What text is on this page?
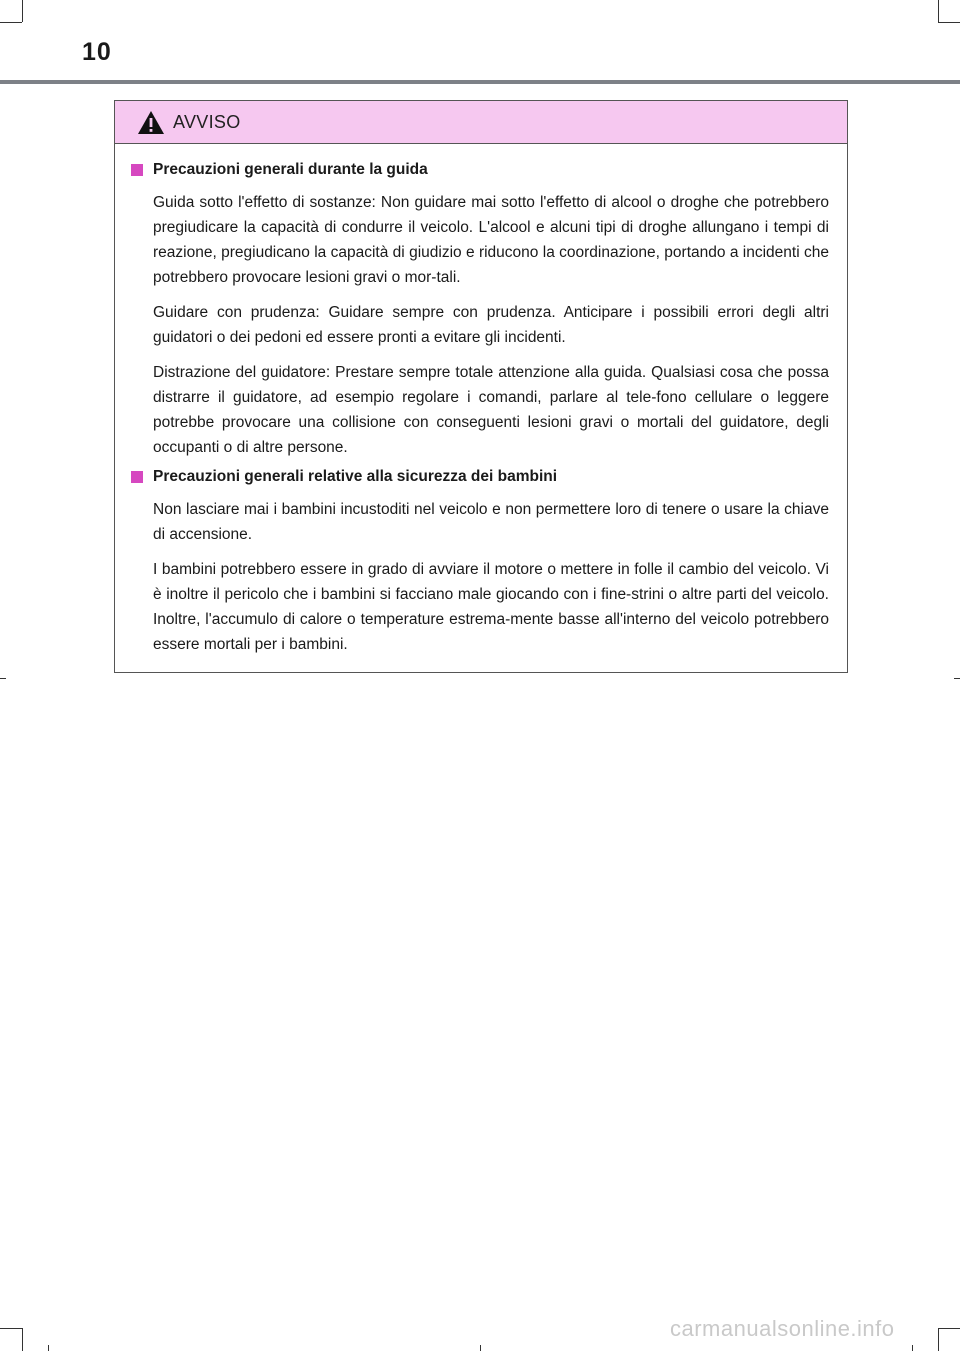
10
AVVISO
Precauzioni generali durante la guida

Guida sotto l'effetto di sostanze: Non guidare mai sotto l'effetto di alcool o droghe che potrebbero pregiudicare la capacità di condurre il veicolo. L'alcool e alcuni tipi di droghe allungano i tempi di reazione, pregiudicano la capacità di giudizio e riducono la coordinazione, portando a incidenti che potrebbero provocare lesioni gravi o mor-tali.

Guidare con prudenza: Guidare sempre con prudenza. Anticipare i possibili errori degli altri guidatori o dei pedoni ed essere pronti a evitare gli incidenti.

Distrazione del guidatore: Prestare sempre totale attenzione alla guida. Qualsiasi cosa che possa distrarre il guidatore, ad esempio regolare i comandi, parlare al tele-fono cellulare o leggere potrebbe provocare una collisione con conseguenti lesioni gravi o mortali del guidatore, degli occupanti o di altre persone.

Precauzioni generali relative alla sicurezza dei bambini

Non lasciare mai i bambini incustoditi nel veicolo e non permettere loro di tenere o usare la chiave di accensione.

I bambini potrebbero essere in grado di avviare il motore o mettere in folle il cambio del veicolo. Vi è inoltre il pericolo che i bambini si facciano male giocando con i fine-strini o altre parti del veicolo. Inoltre, l'accumulo di calore o temperature estrema-mente basse all'interno del veicolo potrebbero essere mortali per i bambini.

carmanualsonline.info
